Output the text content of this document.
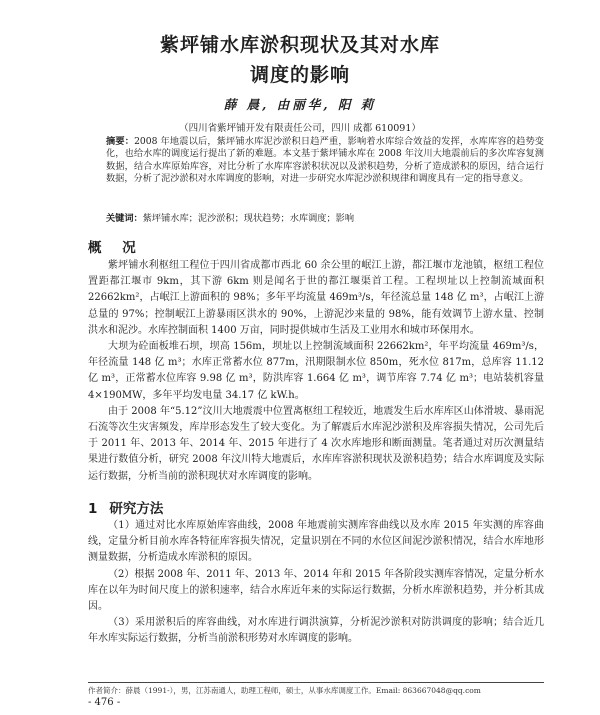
紫坪铺水库淤积现状及其对水库
调度的影响
薛 晨, 由丽华, 阳 莉
（四川省紫坪铺开发有限责任公司，四川 成都 610091）
摘要：2008 年地震以后，紫坪铺水库泥沙淤积日趋严重，影响着水库综合效益的发挥，水库库容的趋势变化，也给水库的调度运行提出了新的难题。本文基于紫坪铺水库在 2008 年汶川大地震前后的多次库容复测数据，结合水库原始库容，对比分析了水库库容淤积状况以及淤积趋势，分析了造成淤积的原因，结合运行数据，分析了泥沙淤积对水库调度的影响，对进一步研究水库泥沙淤积规律和调度具有一定的指导意义。
关键词：紫坪铺水库；泥沙淤积；现状趋势；水库调度；影响
概 况

紫坪铺水利枢纽工程位于四川省成都市西北 60 余公里的岷江上游，都江堰市龙池镇，枢纽工程位置距都江堰市 9km，其下游 6km 则是闻名于世的都江堰渠首工程。工程坝址以上控制流域面积 22662km²，占岷江上游面积的 98%；多年平均流量 469m³/s，年径流总量 148 亿 m³，占岷江上游总量的 97%；控制岷江上游暴雨区洪水的 90%，上游泥沙来量的 98%，能有效调节上游水量、控制洪水和泥沙。水库控制面积 1400 万亩，同时提供城市生活及工业用水和城市环保用水。

大坝为砼面板堆石坝，坝高 156m，坝址以上控制流域面积 22662km²，年平均流量 469m³/s，年径流量 148 亿 m³；水库正常蓄水位 877m，汛期限制水位 850m，死水位 817m，总库容 11.12 亿 m³，正常蓄水位库容 9.98 亿 m³，防洪库容 1.664 亿 m³，调节库容 7.74 亿 m³；电站装机容量 4×190MW，多年平均发电量 34.17 亿 kW.h。

由于 2008 年“5.12”汶川大地震震中位置离枢纽工程较近，地震发生后水库库区山体滑坡、暴雨泥石流等次生灾害频发，库岸形态发生了较大变化。为了解震后水库泥沙淤积及库容损失情况，公司先后于 2011 年、2013 年、2014 年、2015 年进行了 4 次水库地形和断面测量。笔者通过对历次测量结果进行数值分析，研究 2008 年汶川特大地震后，水库库容淤积现状及淤积趋势；结合水库调度及实际运行数据，分析当前的淤积现状对水库调度的影响。

1 研究方法

（1）通过对比水库原始库容曲线，2008 年地震前实测库容曲线以及水库 2015 年实测的库容曲线，定量分析目前水库各特征库容损失情况，定量识别在不同的水位区间泥沙淤积情况，结合水库地形测量数据，分析造成水库淤积的原因。

（2）根据 2008 年、2011 年、2013 年、2014 年和 2015 年各阶段实测库容情况，定量分析水库在以年为时间尺度上的淤积速率，结合水库近年来的实际运行数据，分析水库淤积趋势，并分析其成因。

（3）采用淤积后的库容曲线，对水库进行调洪演算，分析泥沙淤积对防洪调度的影响；结合近几年水库实际运行数据，分析当前淤积形势对水库调度的影响。

作者简介：薛晨（1991-），男，江苏南通人，助理工程师，硕士，从事水库调度工作。Email: 863667048@qq.com
- 476 -
